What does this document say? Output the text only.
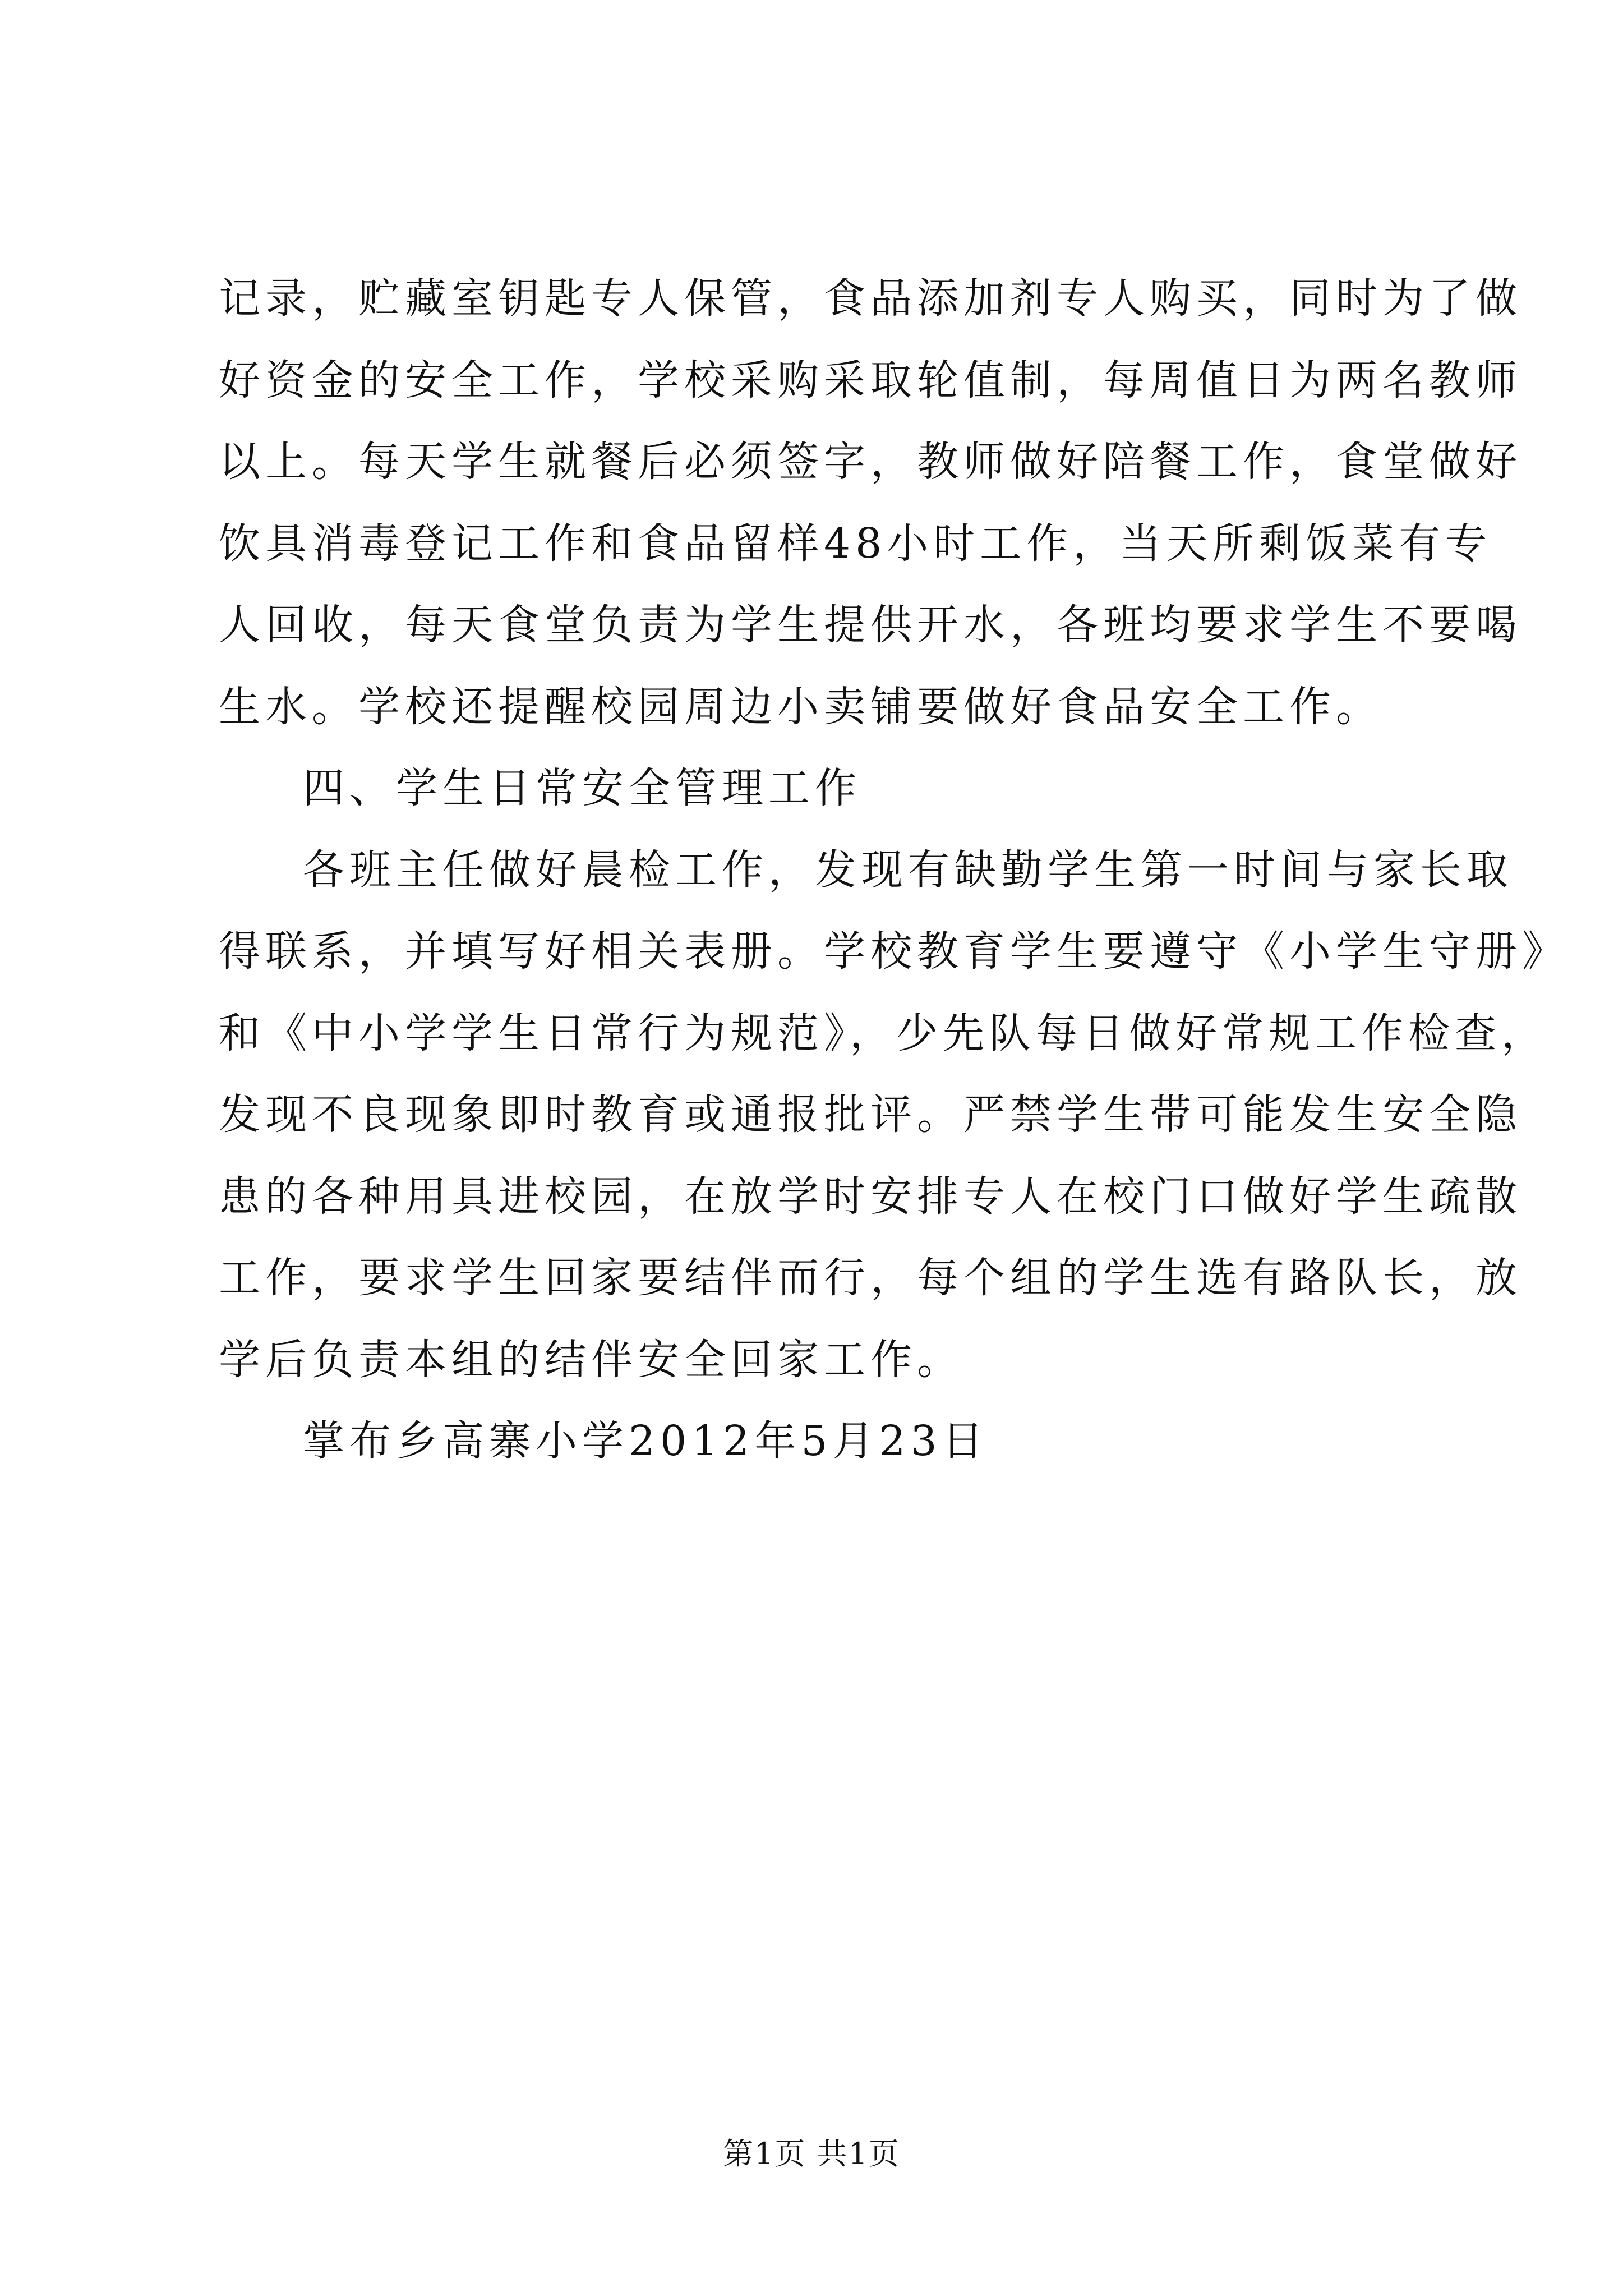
记录，贮藏室钥匙专人保管，食品添加剂专人购买，同时为了做
好资金的安全工作，学校采购采取轮值制，每周值日为两名教师
以上。每天学生就餐后必须签字，教师做好陪餐工作，食堂做好
饮具消毒登记工作和食品留样48小时工作，当天所剩饭菜有专
人回收，每天食堂负责为学生提供开水，各班均要求学生不要喝
生水。学校还提醒校园周边小卖铺要做好食品安全工作。
四、学生日常安全管理工作
各班主任做好晨检工作，发现有缺勤学生第一时间与家长取
得联系，并填写好相关表册。学校教育学生要遵守《小学生守册》
和《中小学学生日常行为规范》，少先队每日做好常规工作检查，
发现不良现象即时教育或通报批评。严禁学生带可能发生安全隐
患的各种用具进校园，在放学时安排专人在校门口做好学生疏散
工作，要求学生回家要结伴而行，每个组的学生选有路队长，放
学后负责本组的结伴安全回家工作。
掌布乡高寨小学2012年5月23日
第1页 共1页
